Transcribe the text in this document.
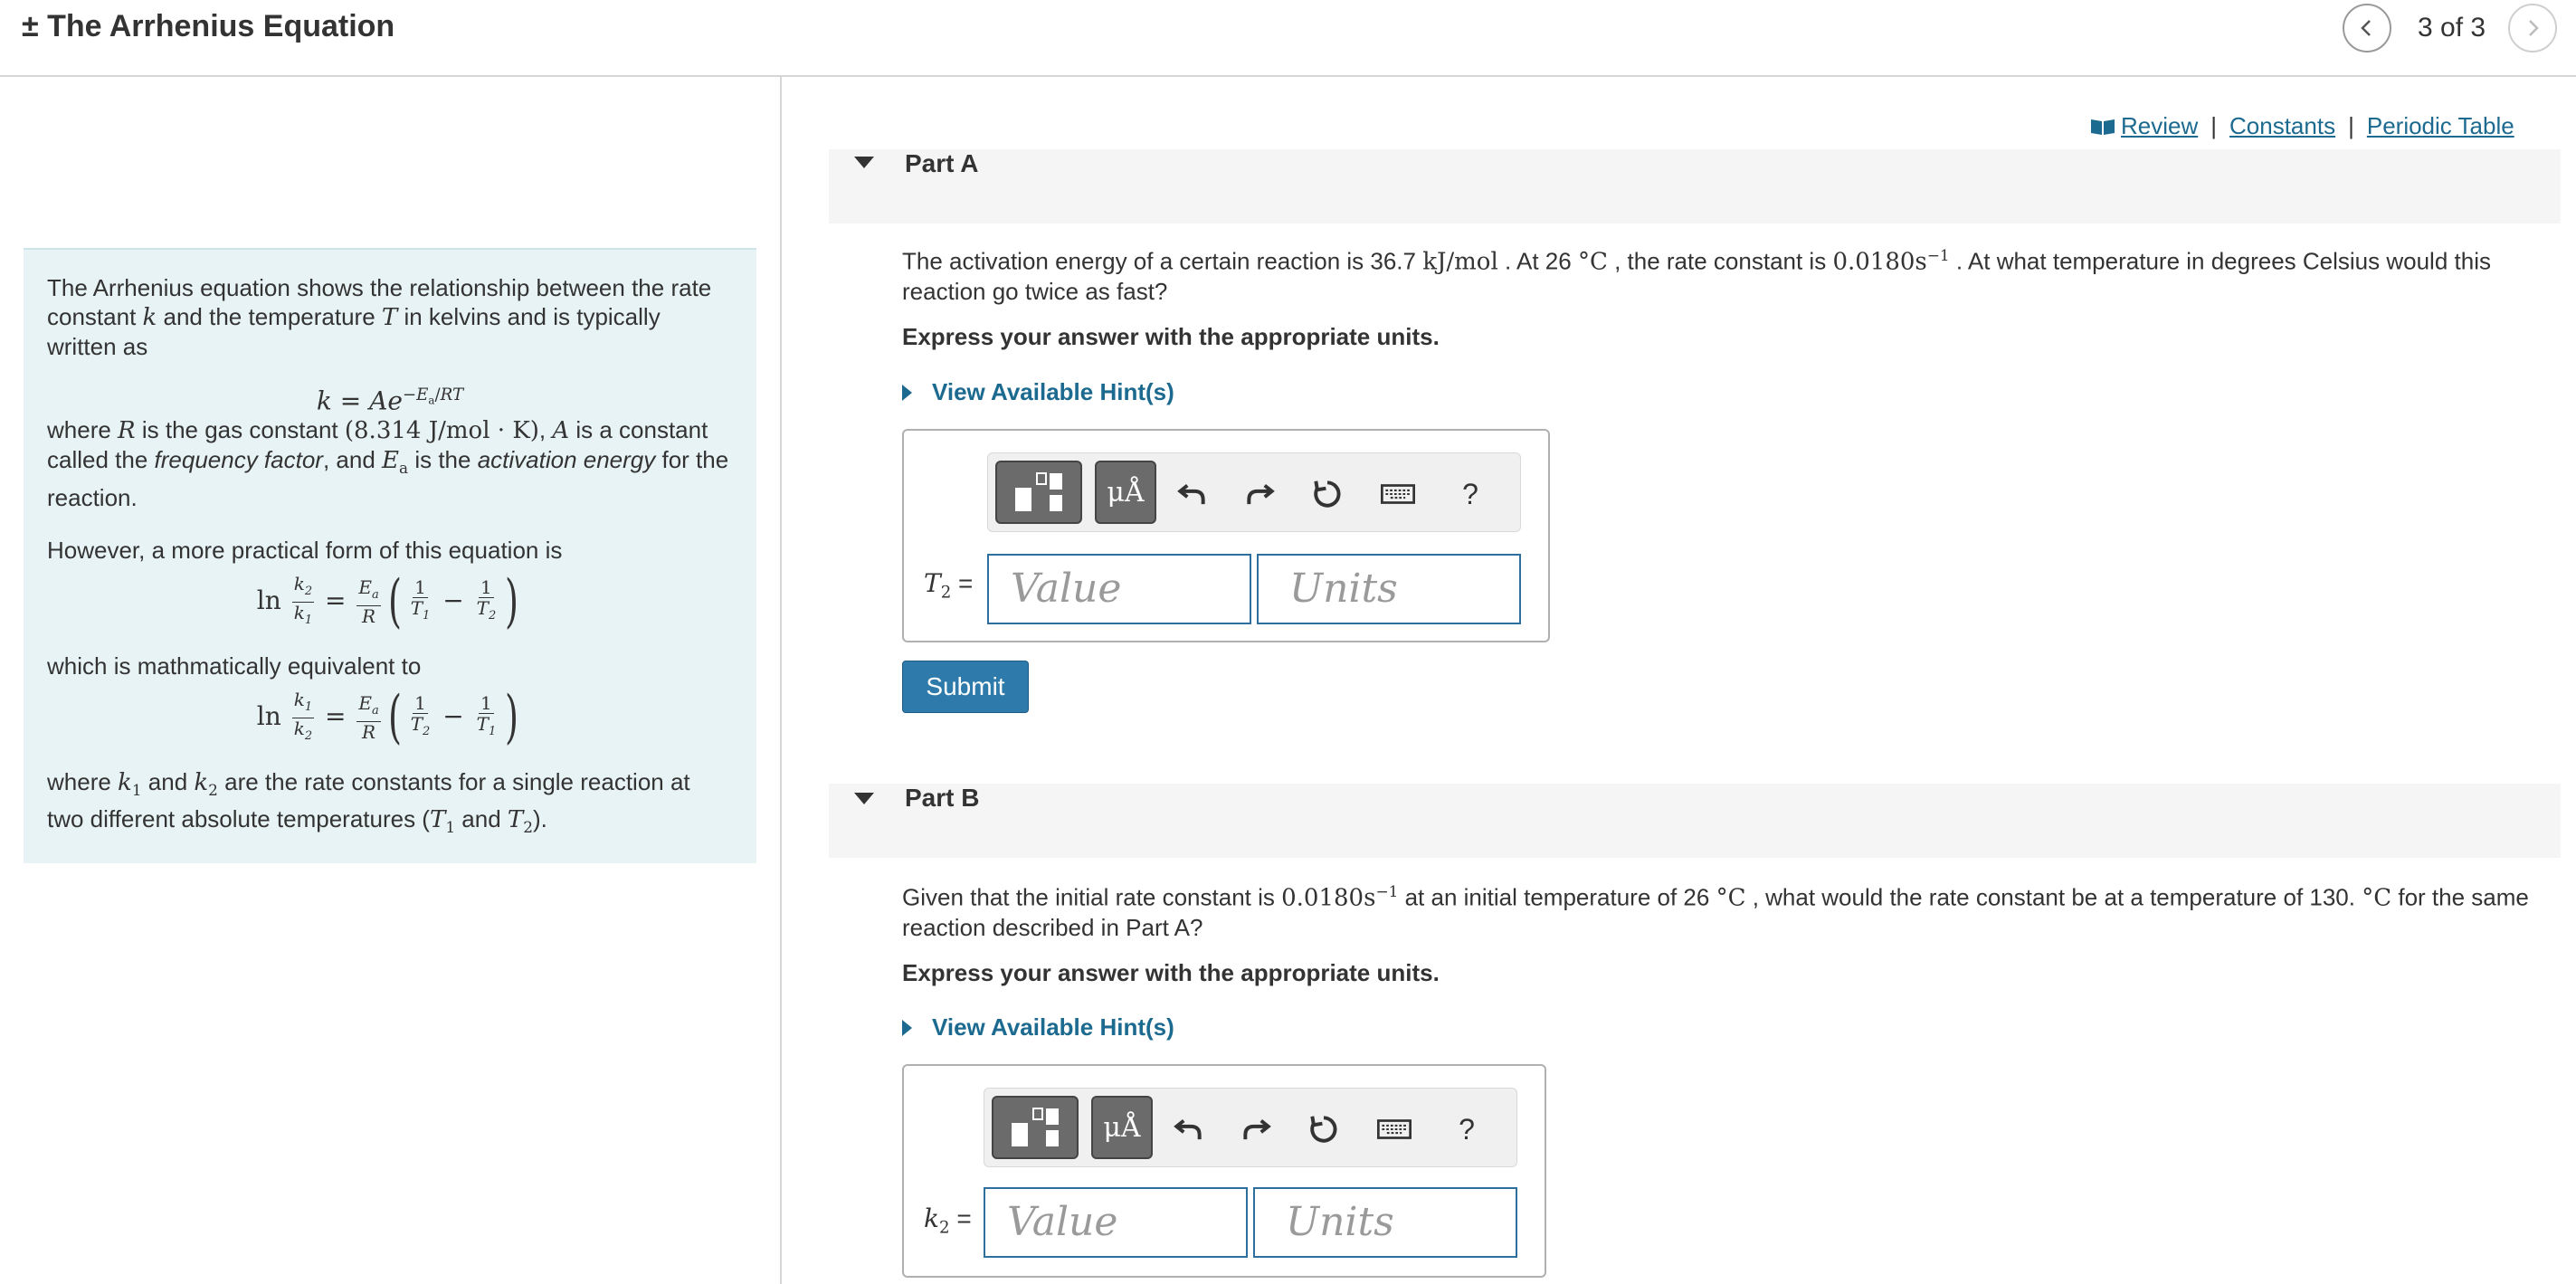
± The Arrhenius Equation	3 of 3

The Arrhenius equation shows the relationship between the rate constant k and the temperature T in kelvins and is typically written as

$k = Ae^{-E_a/RT}$

where R is the gas constant (8.314 J/mol · K), A is a constant called the frequency factor, and $E_a$ is the activation energy for the reaction.

However, a more practical form of this equation is

$\ln \frac{k_2}{k_1} = \frac{E_a}{R}$ ( $\frac{1}{T_1} - \frac{1}{T_2}$ )

which is mathmatically equivalent to

$\ln \frac{k_1}{k_2} = \frac{E_a}{R}$ ( $\frac{1}{T_2} - \frac{1}{T_1}$ )

where $k_1$ and $k_2$ are the rate constants for a single reaction at two different absolute temperatures ($T_1$ and $T_2$).

Review | Constants | Periodic Table
Part A
The activation energy of a certain reaction is 36.7 kJ/mol . At 26 °C , the rate constant is $0.0180s^{-1}$ . At what temperature in degrees Celsius would this reaction go twice as fast?
Express your answer with the appropriate units.
View Available Hint(s)
μÅ	?
$T_2$ = Value	Units
Submit
Part B
Given that the initial rate constant is $0.0180s^{-1}$ at an initial temperature of 26 °C , what would the rate constant be at a temperature of 130. °C for the same reaction described in Part A?
Express your answer with the appropriate units.
View Available Hint(s)
μÅ	?
$k_2$ = Value	Units
